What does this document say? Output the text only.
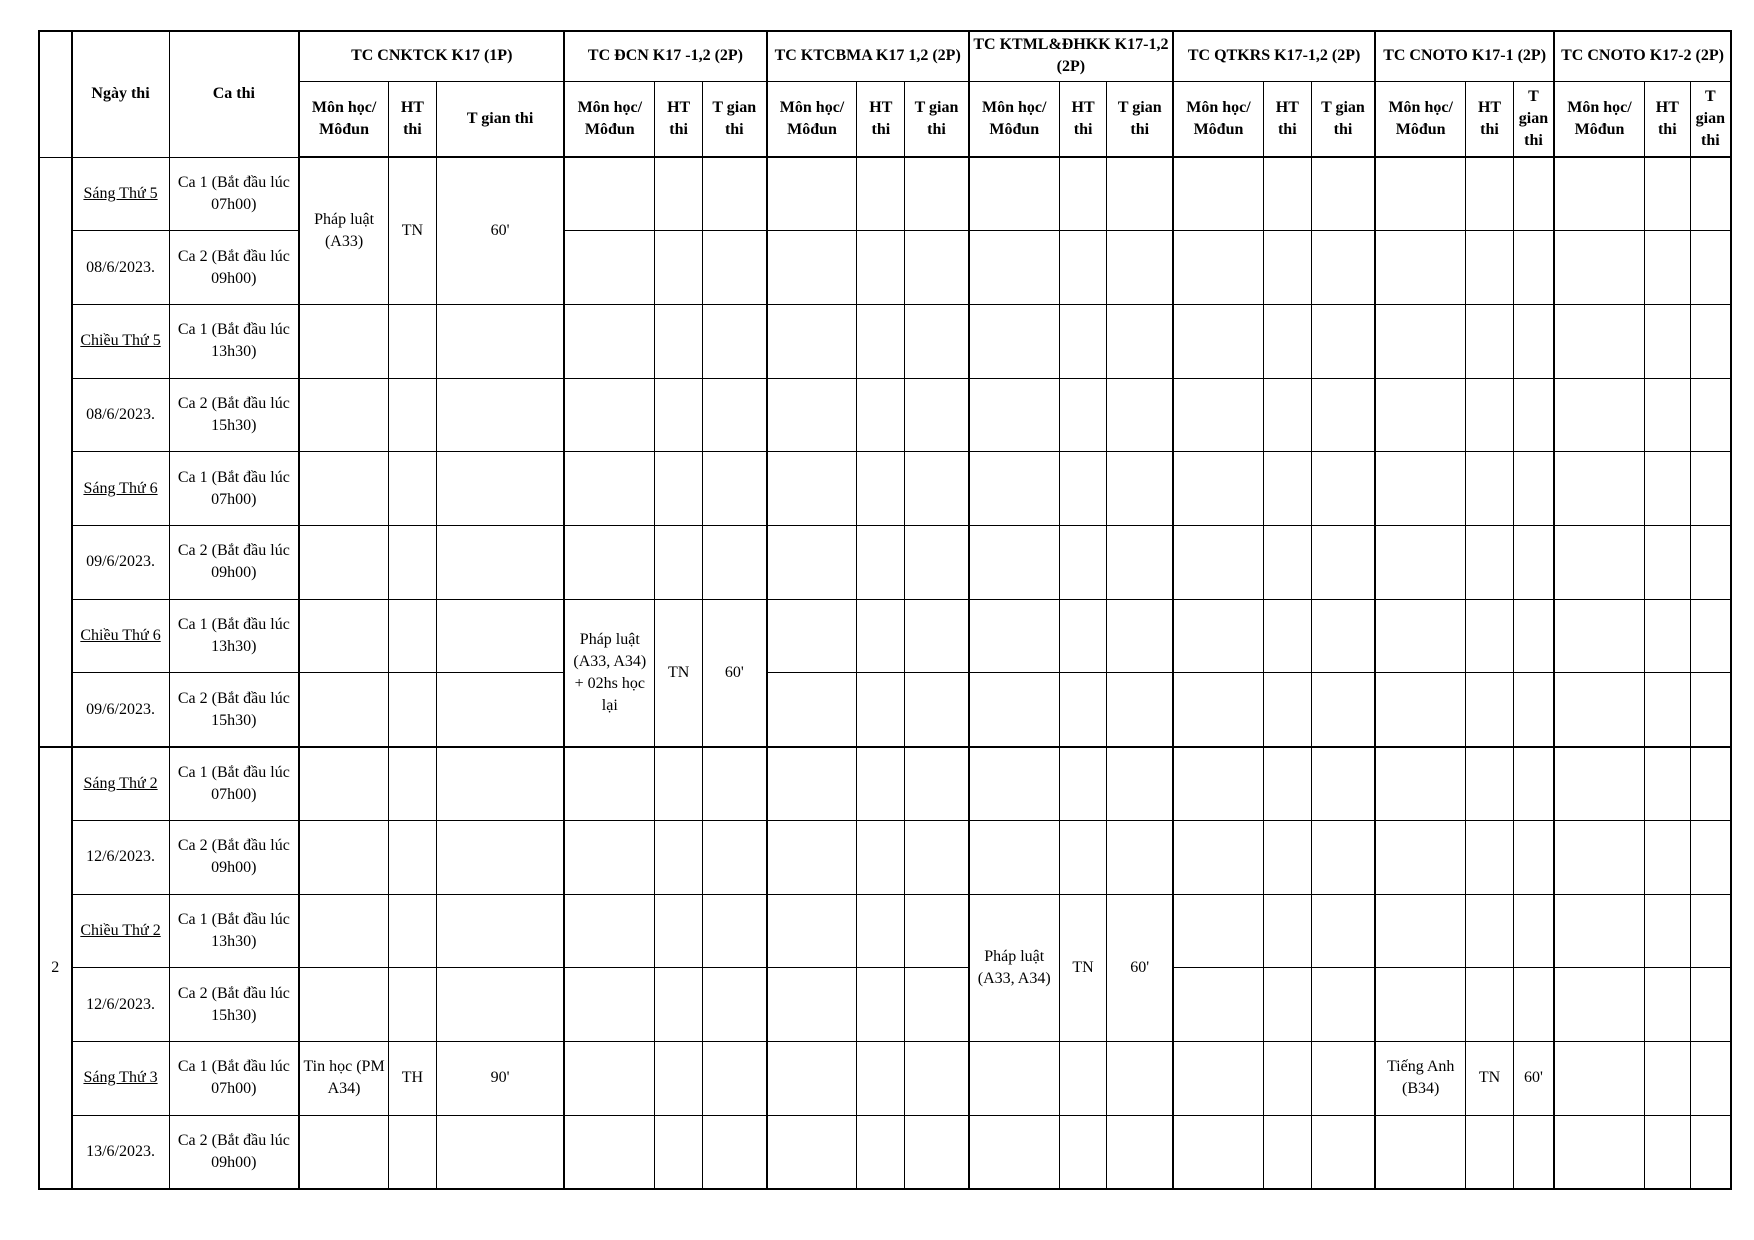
	Ngày thi	Ca thi	TC CNKTCK K17 (1P)			TC ĐCN K17 -1,2 (2P)			TC KTCBMA K17 1,2 (2P)			TC KTML&ĐHKK K17-1,2 (2P)			TC QTKRS K17-1,2 (2P)			TC CNOTO K17-1 (2P)			TC CNOTO K17-2 (2P)		
			Môn học/ Môđun	HT thi	T gian thi	Môn học/ Môđun	HT thi	T gian thi	Môn học/ Môđun	HT thi	T gian thi	Môn học/ Môđun	HT thi	T gian thi	Môn học/ Môđun	HT thi	T gian thi	Môn học/ Môđun	HT thi	T gian thi	Môn học/ Môđun	HT thi	T gian thi
	Sáng Thứ 5	Ca 1 (Bắt đầu lúc 07h00)	Pháp luật (A33)	TN	60'																		
	08/6/2023.	Ca 2 (Bắt đầu lúc 09h00)																					
	Chiều Thứ 5	Ca 1 (Bắt đầu lúc 13h30)																					
	08/6/2023.	Ca 2 (Bắt đầu lúc 15h30)																					
	Sáng Thứ 6	Ca 1 (Bắt đầu lúc 07h00)																					
	09/6/2023.	Ca 2 (Bắt đầu lúc 09h00)																					
	Chiều Thứ 6	Ca 1 (Bắt đầu lúc 13h30)				Pháp luật (A33, A34) + 02hs học lại	TN	60'															
	09/6/2023.	Ca 2 (Bắt đầu lúc 15h30)																					
2	Sáng Thứ 2	Ca 1 (Bắt đầu lúc 07h00)																					
	12/6/2023.	Ca 2 (Bắt đầu lúc 09h00)																					
	Chiều Thứ 2	Ca 1 (Bắt đầu lúc 13h30)										Pháp luật (A33, A34)	TN	60'									
	12/6/2023.	Ca 2 (Bắt đầu lúc 15h30)																					
	Sáng Thứ 3	Ca 1 (Bắt đầu lúc 07h00)	Tin học (PM A34)	TH	90'													Tiếng Anh (B34)	TN	60'			
	13/6/2023.	Ca 2 (Bắt đầu lúc 09h00)																					
